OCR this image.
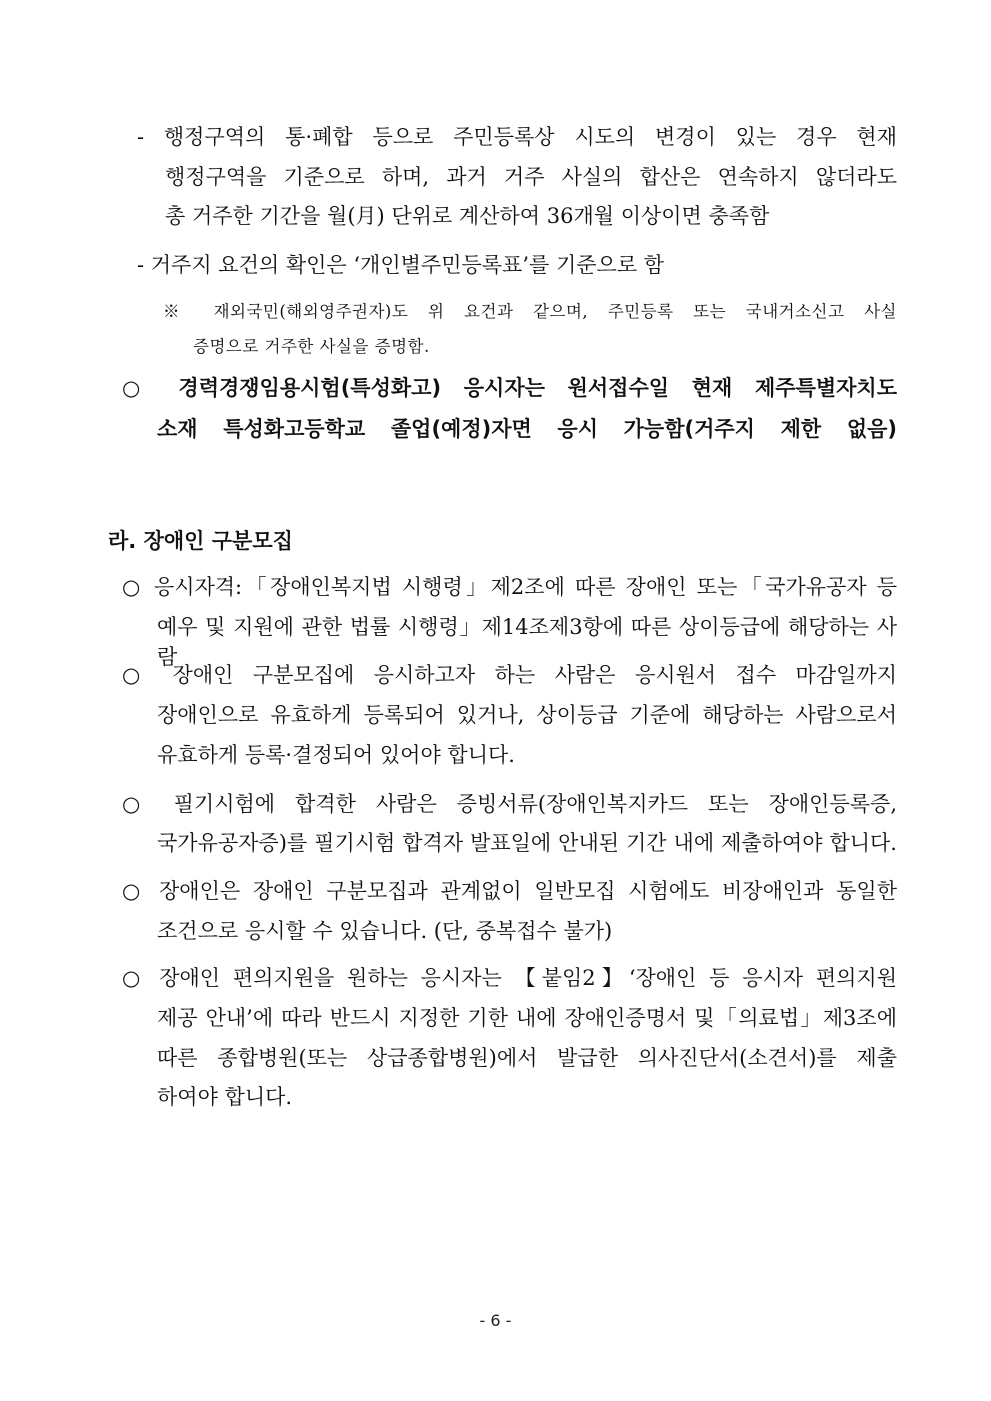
- 행정구역의 통·폐합 등으로 주민등록상 시도의 변경이 있는 경우 현재
행정구역을 기준으로 하며, 과거 거주 사실의 합산은 연속하지 않더라도
총 거주한 기간을 월(月) 단위로 계산하여 36개월 이상이면 충족함
- 거주지 요건의 확인은 ‘개인별주민등록표’를 기준으로 함
※ 재외국민(해외영주권자)도 위 요건과 같으며, 주민등록 또는 국내거소신고 사실
증명으로 거주한 사실을 증명함.
○ 경력경쟁임용시험(특성화고) 응시자는 원서접수일 현재 제주특별자치도
소재 특성화고등학교 졸업(예정)자면 응시 가능함(거주지 제한 없음)
라. 장애인 구분모집
○ 응시자격:「장애인복지법 시행령」제2조에 따른 장애인 또는「국가유공자 등
예우 및 지원에 관한 법률 시행령」제14조제3항에 따른 상이등급에 해당하는 사람
○ 장애인 구분모집에 응시하고자 하는 사람은 응시원서 접수 마감일까지
장애인으로 유효하게 등록되어 있거나, 상이등급 기준에 해당하는 사람으로서
유효하게 등록·결정되어 있어야 합니다.
○ 필기시험에 합격한 사람은 증빙서류(장애인복지카드 또는 장애인등록증,
국가유공자증)를 필기시험 합격자 발표일에 안내된 기간 내에 제출하여야 합니다.
○ 장애인은 장애인 구분모집과 관계없이 일반모집 시험에도 비장애인과 동일한
조건으로 응시할 수 있습니다. (단, 중복접수 불가)
○ 장애인 편의지원을 원하는 응시자는 【붙임2】‘장애인 등 응시자 편의지원
제공 안내’에 따라 반드시 지정한 기한 내에 장애인증명서 및「의료법」제3조에
따른 종합병원(또는 상급종합병원)에서 발급한 의사진단서(소견서)를 제출
하여야 합니다.
- 6 -
